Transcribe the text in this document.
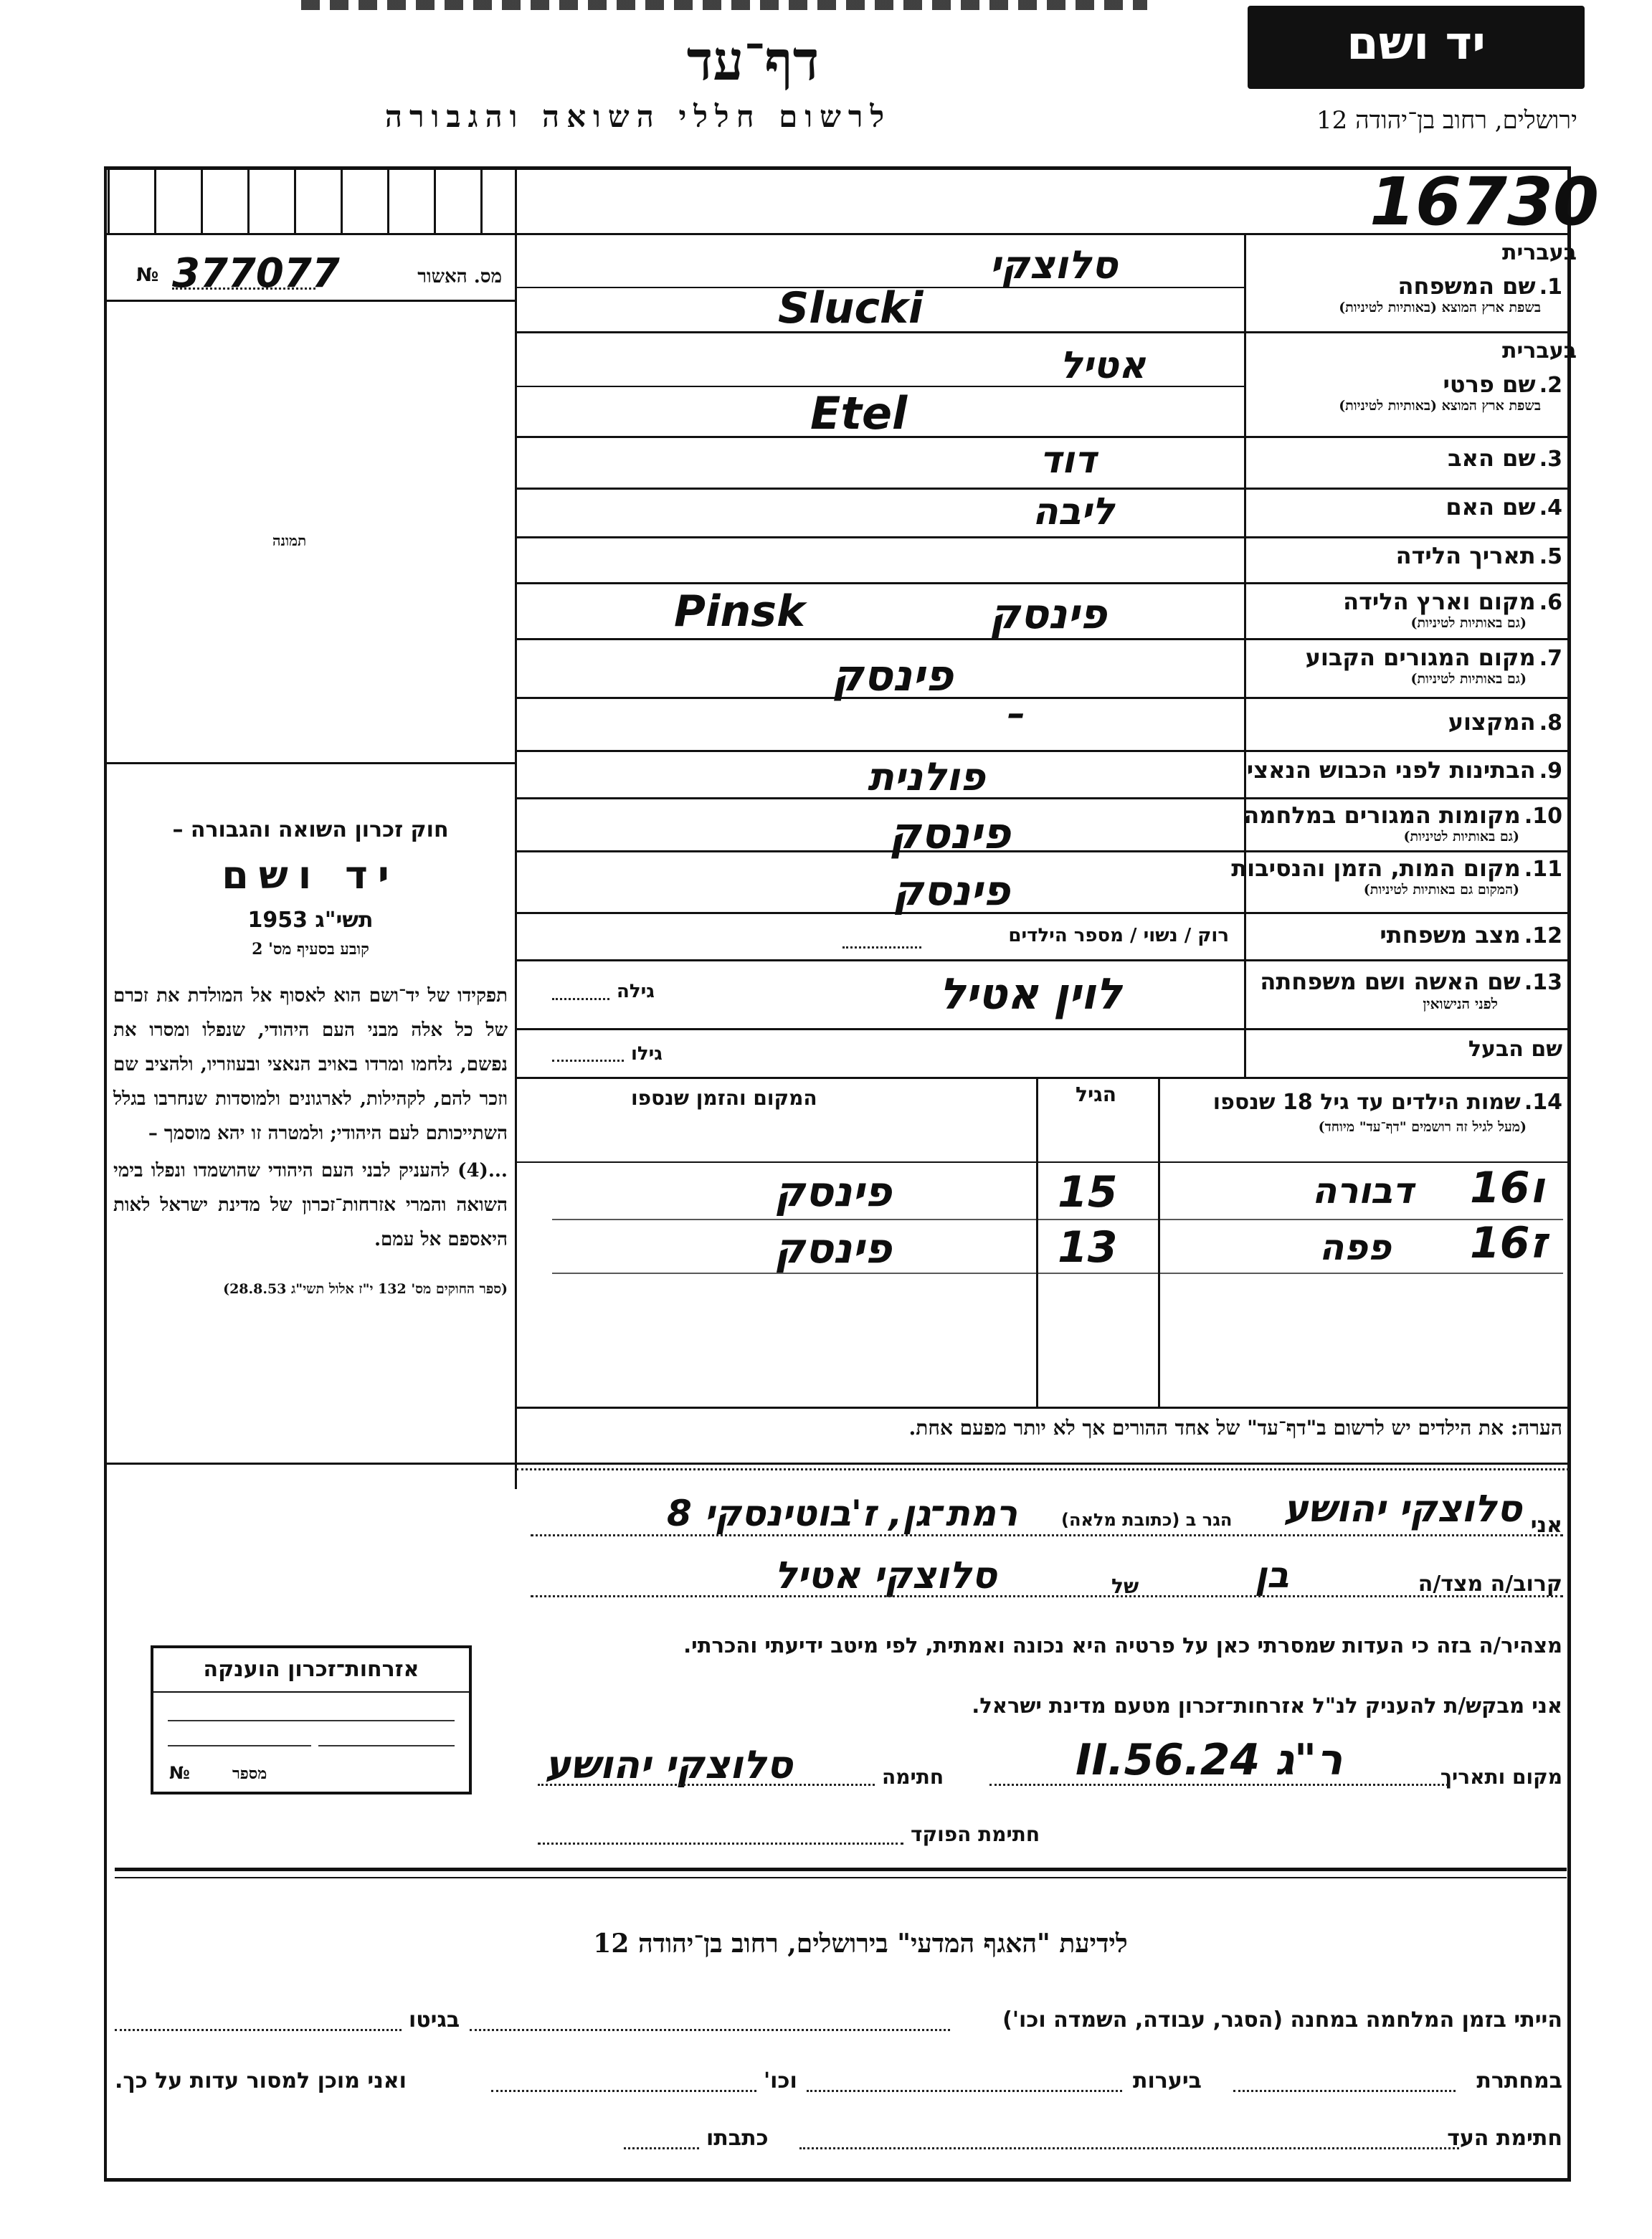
דף־עד
לרשום חללי השואה והגבורה
יד ושם
ירושלים, רחוב בן־יהודה 12
16730
№ 377077	מס. האשור
תמונה

חוק זכרון השואה והגבורה –

יד ושם

תשי"ג 1953

קובע בסעיף מס' 2

תפקידו של יד־ושם הוא לאסוף אל המולדת את זכרם של כל אלה מבני העם היהודי, שנפלו ומסרו את נפשם, נלחמו ומרדו באויב הנאצי ובעוזריו, ולהציב שם וזכר להם, לקהילות, לארגונים ולמוסדות שנחרבו בגלל השתייכותם לעם היהודי; ולמטרה זו יהא מוסמך –

...(4) להעניק לבני העם היהודי שהושמדו ונפלו בימי השואה והמרי אזרחות־זכרון של מדינת ישראל לאות היאספם אל עמם.

(ספר החוקים מס' 132 י"ז אלול תשי"ג 28.8.53)

בעברית
1. שם המשפחה
בשפת ארץ המוצא (באותיות לטיניות)
סלוצקי
Slucki
בעברית
2. שם פרטי
בשפת ארץ המוצא (באותיות לטיניות)
אטיל
Etel
3. שם האב
דוד
4. שם האם
ליבה
5. תאריך הלידה
6. מקום וארץ הלידה
(גם באותיות לטיניות)
פינסק
Pinsk
7. מקום המגורים הקבוע
(גם באותיות לטיניות)
פינסק
8. המקצוע
–
9. הבתינות לפני הכבוש הנאצי
פולנית
10. מקומות המגורים במלחמה
(גם באותיות לטיניות)
פינסק
11. מקום המות, הזמן והנסיבות
(המקום גם באותיות לטיניות)
פינסק
12. מצב משפחתי
רוק / נשוי / מספר הילדים
13. שם האשה ושם משפחתה
לפני הנישואין
לוין אטיל
גילה
שם הבעל
גילו
14. שמות הילדים עד גיל 18 שנספו
(מעל לגיל זה רושמים "דף־עד" מיוחד)
הגיל
המקום והזמן שנספו
16ו
דבורה
15
פינסק
16ז
פפה
13
פינסק
הערה: את הילדים יש לרשום ב"דף־עד" של אחד ההורים אך לא יותר מפעם אחת.
אני
סלוצקי יהושע
הגר ב (כתובת מלאה)
רמת־גן, ז'בוטינסקי 8
קרוב/ה מצד/ה
בן
של
סלוצקי אטיל
מצהיר/ה בזה כי העדות שמסרתי כאן על פרטיה היא נכונה ואמתית, לפי מיטב ידיעתי והכרתי.
אני מבקש/ת להעניק לנ"ל אזרחות־זכרון מטעם מדינת ישראל.
מקום ותאריך
ר"ג 24.II.56
חתימה
סלוצקי יהושע
חתימת הפוקד
אזרחות־זכרון הוענקה
№	מספר
לידיעת "האגף המדעי" בירושלים, רחוב בן־יהודה 12
הייתי בזמן המלחמה במחנה (הסגר, עבודה, השמדה וכו')
בגיטו
במחתרת
ביערות
וכו'
ואני מוכן למסור עדות על כך.
חתימת העד
כתבתו
